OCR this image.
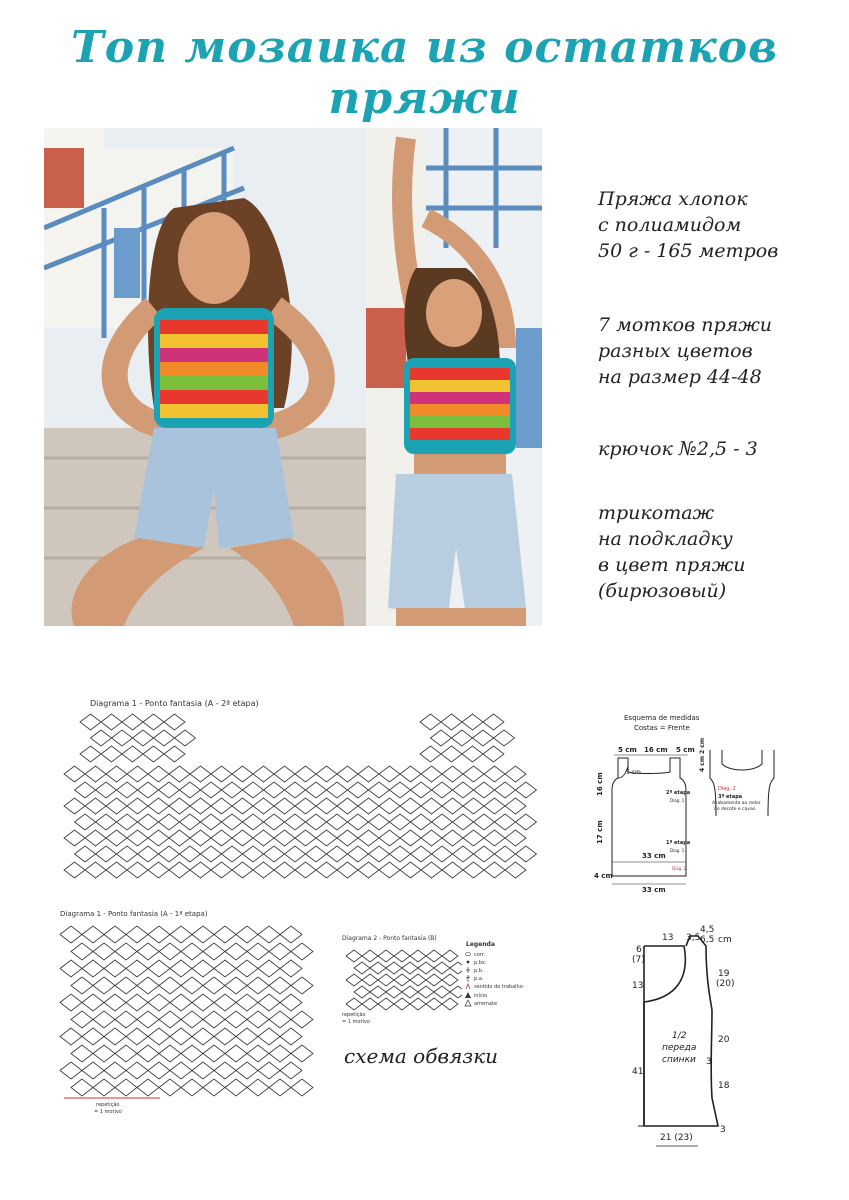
Топ мозаика из остатков пряжи
Пряжа хлопок
с полиамидом
50 г - 165 метров
7 мотков пряжи
разных цветов
на размер 44-48
крючок №2,5 - 3
трикотаж
на подкладку
в цвет пряжи
(бирюзовый)
Diagrama 1 - Ponto fantasia (A - 2ª etapa)
Diagrama 1 - Ponto fantasia (A - 1ª etapa)
repetição
= 1 motivo
Diagrama 2 - Ponto fantasia (B)
repetição
= 1 motivo
Legenda
corr.
p.bx.
p.b.
p.a.
sentido do trabalho
início
arremate
схема обвязки
Esquema de medidas
Costas = Frente
5 cm 16 cm 5 cm
5 cm
16 cm
17 cm
4 cm
33 cm
33 cm
2ª etapa
Diag. 1
1ª etapa
Diag. 1
Diag. 2
2 cm
4 cm
Diag. 2
3ª etapa
Acabamento ao redor
do decote e cavas.
13 3,5
4,5
6,5 cm
6
(7)
13
41
19
(20)
20
3
18
3
1/2
переда
спинки
21 (23)
